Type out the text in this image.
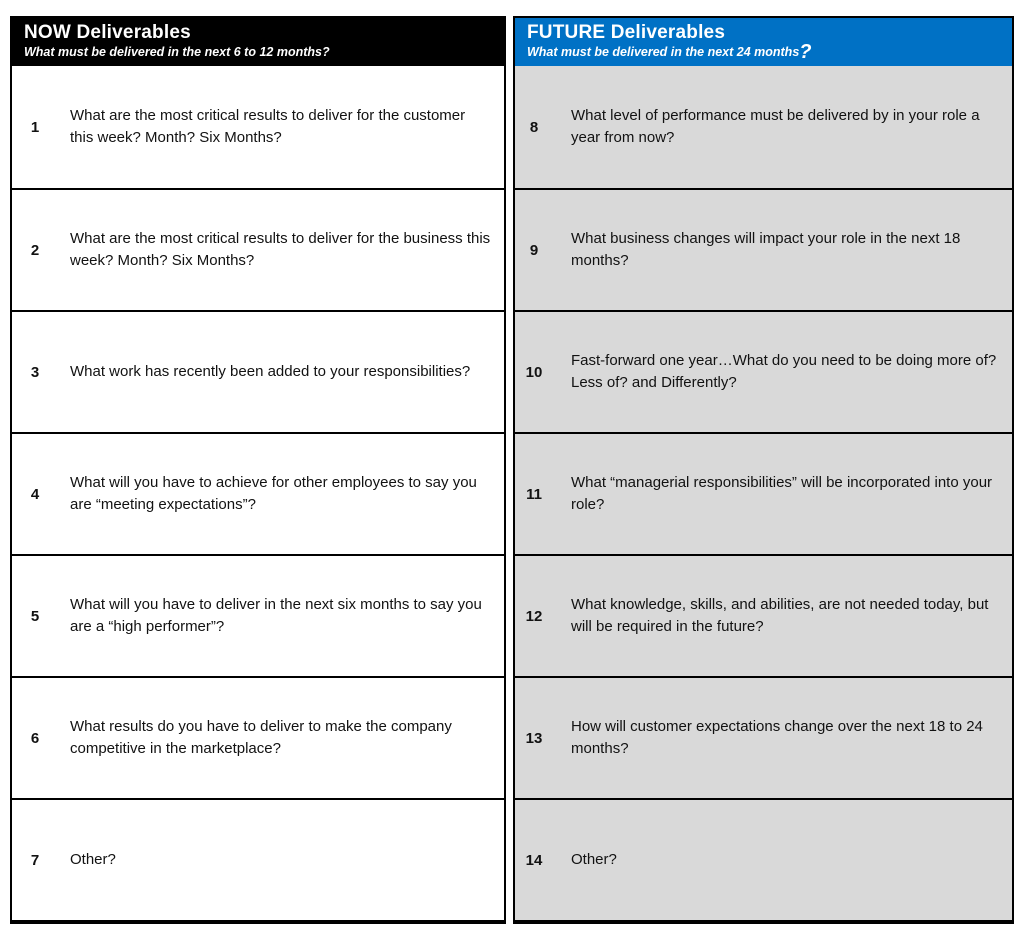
NOW Deliverables
What must be delivered in the next 6 to 12 months?
1
What are the most critical results to deliver for the customer this week? Month? Six Months?
2
What are the most critical results to deliver for the business this week? Month? Six Months?
3	What work has recently been added to your responsibilities?
4
What will you have to achieve for other employees to say you are “meeting expectations”?
5
What will you have to deliver in the next six months to say you are a “high performer”?
6
What results do you have to deliver to make the company competitive in the marketplace?
7	Other?
FUTURE Deliverables
What must be delivered in the next 24 months?
8
What level of performance must be delivered by in your role a year from now?
9
What business changes will impact your role in the next 18 months?
10
Fast-forward one year…What do you need to be doing more of? Less of? and Differently?
11
What “managerial responsibilities” will be incorporated into your role?
12
What knowledge, skills, and abilities, are not needed today, but will be required in the future?
13
How will customer expectations change over the next 18 to 24 months?
14 Other?
